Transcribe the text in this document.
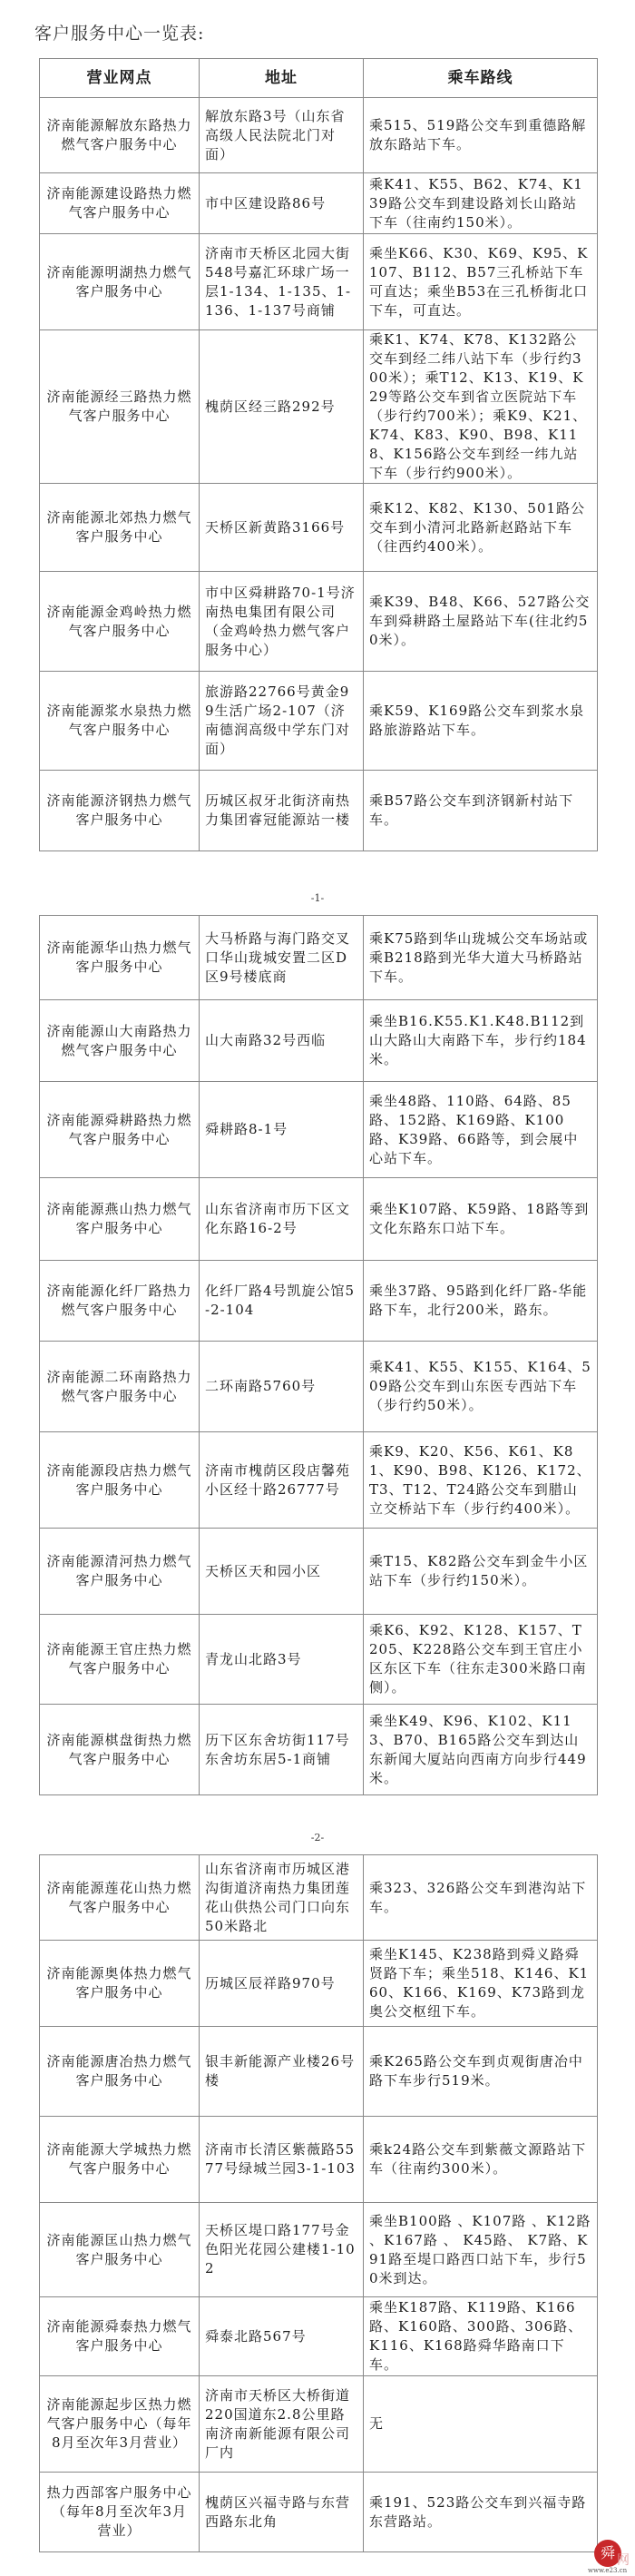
客户服务中心一览表:
营业网点	地址	乘车路线
济南能源解放东路热力燃气客户服务中心	解放东路3号（山东省高级人民法院北门对面）	乘515、519路公交车到重德路解放东路站下车。
济南能源建设路热力燃气客户服务中心	市中区建设路86号	乘K41、K55、B62、K74、K139路公交车到建设路刘长山路站下车（往南约150米）。
济南能源明湖热力燃气客户服务中心	济南市天桥区北园大街548号嘉汇环球广场一层1-134、1-135、1-136、1-137号商铺	乘坐K66、K30、K69、K95、K107、B112、B57三孔桥站下车可直达；乘坐B53在三孔桥街北口下车，可直达。
济南能源经三路热力燃气客户服务中心	槐荫区经三路292号	乘K1、K74、K78、K132路公交车到经二纬八站下车（步行约300米）；乘T12、K13、K19、K29等路公交车到省立医院站下车（步行约700米）；乘K9、K21、K74、K83、K90、B98、K118、K156路公交车到经一纬九站下车（步行约900米）。
济南能源北郊热力燃气客户服务中心	天桥区新黄路3166号	乘K12、K82、K130、501路公交车到小清河北路新赵路站下车（往西约400米）。
济南能源金鸡岭热力燃气客户服务中心	市中区舜耕路70-1号济南热电集团有限公司（金鸡岭热力燃气客户服务中心）	乘K39、B48、K66、527路公交车到舜耕路土屋路站下车(往北约50米）。
济南能源浆水泉热力燃气客户服务中心	旅游路22766号黄金99生活广场2-107（济南德润高级中学东门对面）	乘K59、K169路公交车到浆水泉路旅游路站下车。
济南能源济钢热力燃气客户服务中心	历城区叔牙北街济南热力集团睿冠能源站一楼	乘B57路公交车到济钢新村站下车。
-1-
济南能源华山热力燃气客户服务中心	大马桥路与海门路交叉口华山珑城安置二区D区9号楼底商	乘K75路到华山珑城公交车场站或乘B218路到光华大道大马桥路站下车。
济南能源山大南路热力燃气客户服务中心	山大南路32号西临	乘坐B16.K55.K1.K48.B112到山大路山大南路下车，步行约184米。
济南能源舜耕路热力燃气客户服务中心	舜耕路8-1号	乘坐48路、110路、64路、85路、152路、K169路、K100路、K39路、66路等，到会展中心站下车。
济南能源燕山热力燃气客户服务中心	山东省济南市历下区文化东路16-2号	乘坐K107路、K59路、18路等到文化东路东口站下车。
济南能源化纤厂路热力燃气客户服务中心	化纤厂路4号凯旋公馆5-2-104	乘坐37路、95路到化纤厂路-华能路下车，北行200米，路东。
济南能源二环南路热力燃气客户服务中心	二环南路5760号	乘K41、K55、K155、K164、509路公交车到山东医专西站下车（步行约50米）。
济南能源段店热力燃气客户服务中心	济南市槐荫区段店馨苑小区经十路26777号	乘K9、K20、K56、K61、K81、K90、B98、K126、K172、T3、T12、T24路公交车到腊山立交桥站下车（步行约400米）。
济南能源清河热力燃气客户服务中心	天桥区天和园小区	乘T15、K82路公交车到金牛小区站下车（步行约150米）。
济南能源王官庄热力燃气客户服务中心	青龙山北路3号	乘K6、K92、K128、K157、T205、K228路公交车到王官庄小区东区下车（往东走300米路口南侧）。
济南能源棋盘街热力燃气客户服务中心	历下区东舍坊街117号东舍坊东居5-1商铺	乘坐K49、K96、K102、K113、B70、B165路公交车到达山东新闻大厦站向西南方向步行449米。
-2-
济南能源莲花山热力燃气客户服务中心	山东省济南市历城区港沟街道济南热力集团莲花山供热公司门口向东50米路北	乘323、326路公交车到港沟站下车。
济南能源奥体热力燃气客户服务中心	历城区辰祥路970号	乘坐K145、K238路到舜义路舜贤路下车；乘坐518、K146、K160、K166、K169、K73路到龙奥公交枢纽下车。
济南能源唐冶热力燃气客户服务中心	银丰新能源产业楼26号楼	乘K265路公交车到贞观街唐冶中路下车步行519米。
济南能源大学城热力燃气客户服务中心	济南市长清区紫薇路5577号绿城兰园3-1-103	乘k24路公交车到紫薇文源路站下车（往南约300米）。
济南能源匡山热力燃气客户服务中心	天桥区堤口路177号金色阳光花园公建楼1-102	乘坐B100路 、K107路 、K12路 、K167路 、 K45路、 K7路、K91路至堤口路西口站下车，步行50米到达。
济南能源舜泰热力燃气客户服务中心	舜泰北路567号	乘坐K187路、K119路、K166路、K160路、300路、306路、K116、K168路舜华路南口下车。
济南能源起步区热力燃气客户服务中心（每年8月至次年3月营业）	济南市天桥区大桥街道220国道东2.8公里路南济南新能源有限公司厂内	无
热力西部客户服务中心（每年8月至次年3月营业）	槐荫区兴福寺路与东营西路东北角	乘191、523路公交车到兴福寺路东营路站。
舜 网
www.e23.cn
